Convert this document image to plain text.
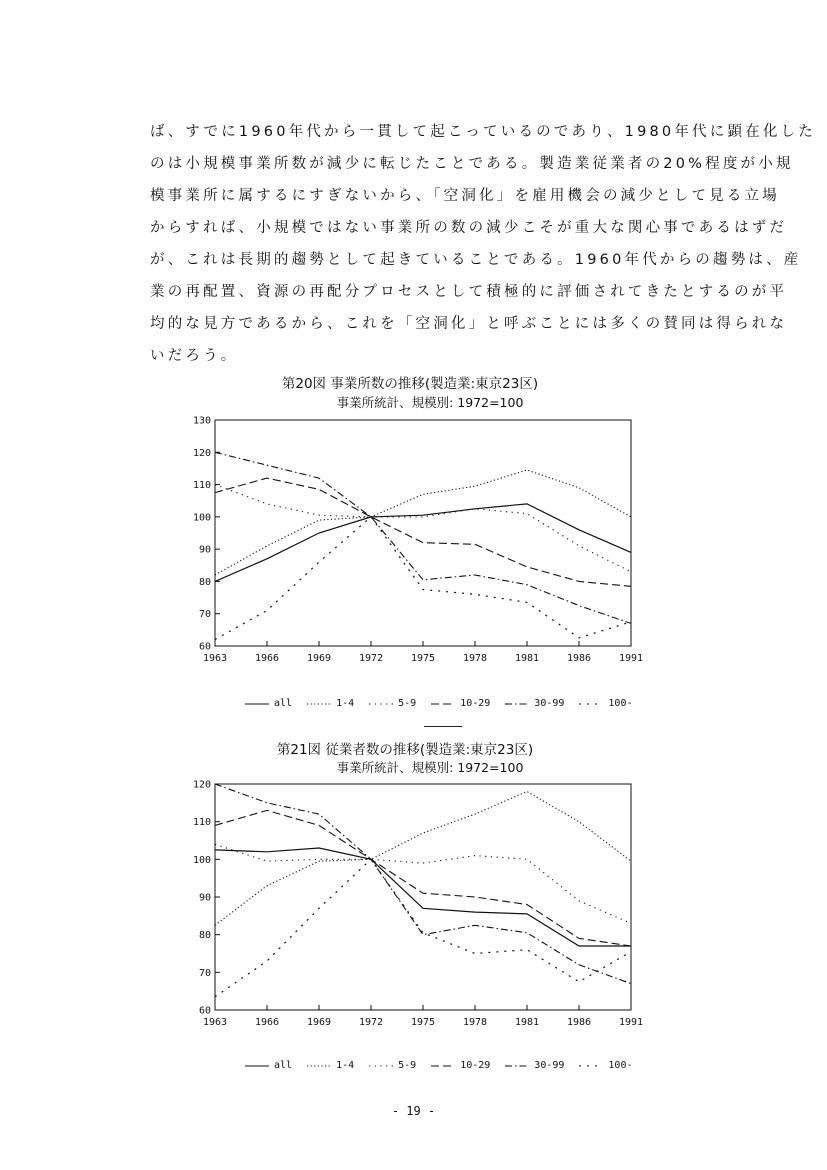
ば、すでに1960年代から一貫して起こっているのであり、1980年代に顕在化した
のは小規模事業所数が減少に転じたことである。製造業従業者の20%程度が小規
模事業所に属するにすぎないから、「空洞化」を雇用機会の減少として見る立場
からすれば、小規模ではない事業所の数の減少こそが重大な関心事であるはずだ
が、これは長期的趨勢として起きていることである。1960年代からの趨勢は、産
業の再配置、資源の再配分プロセスとして積極的に評価されてきたとするのが平
均的な見方であるから、これを「空洞化」と呼ぶことには多くの賛同は得られな
いだろう。
第20図 事業所数の推移(製造業:東京23区)
事業所統計、規模別: 1972=100
130
120
110
100
90
80
70
60
1963	1966	1969	1972	1975	1978	1981	1986	1991
all	1-4	5-9	10-29	30-99	100-
第21図 従業者数の推移(製造業:東京23区)
事業所統計、規模別: 1972=100
120
110
100
90
80
70
60
1963	1966	1969	1972	1975	1978	1981	1986	1991
all	1-4	5-9	10-29	30-99	100-
- 19 -
